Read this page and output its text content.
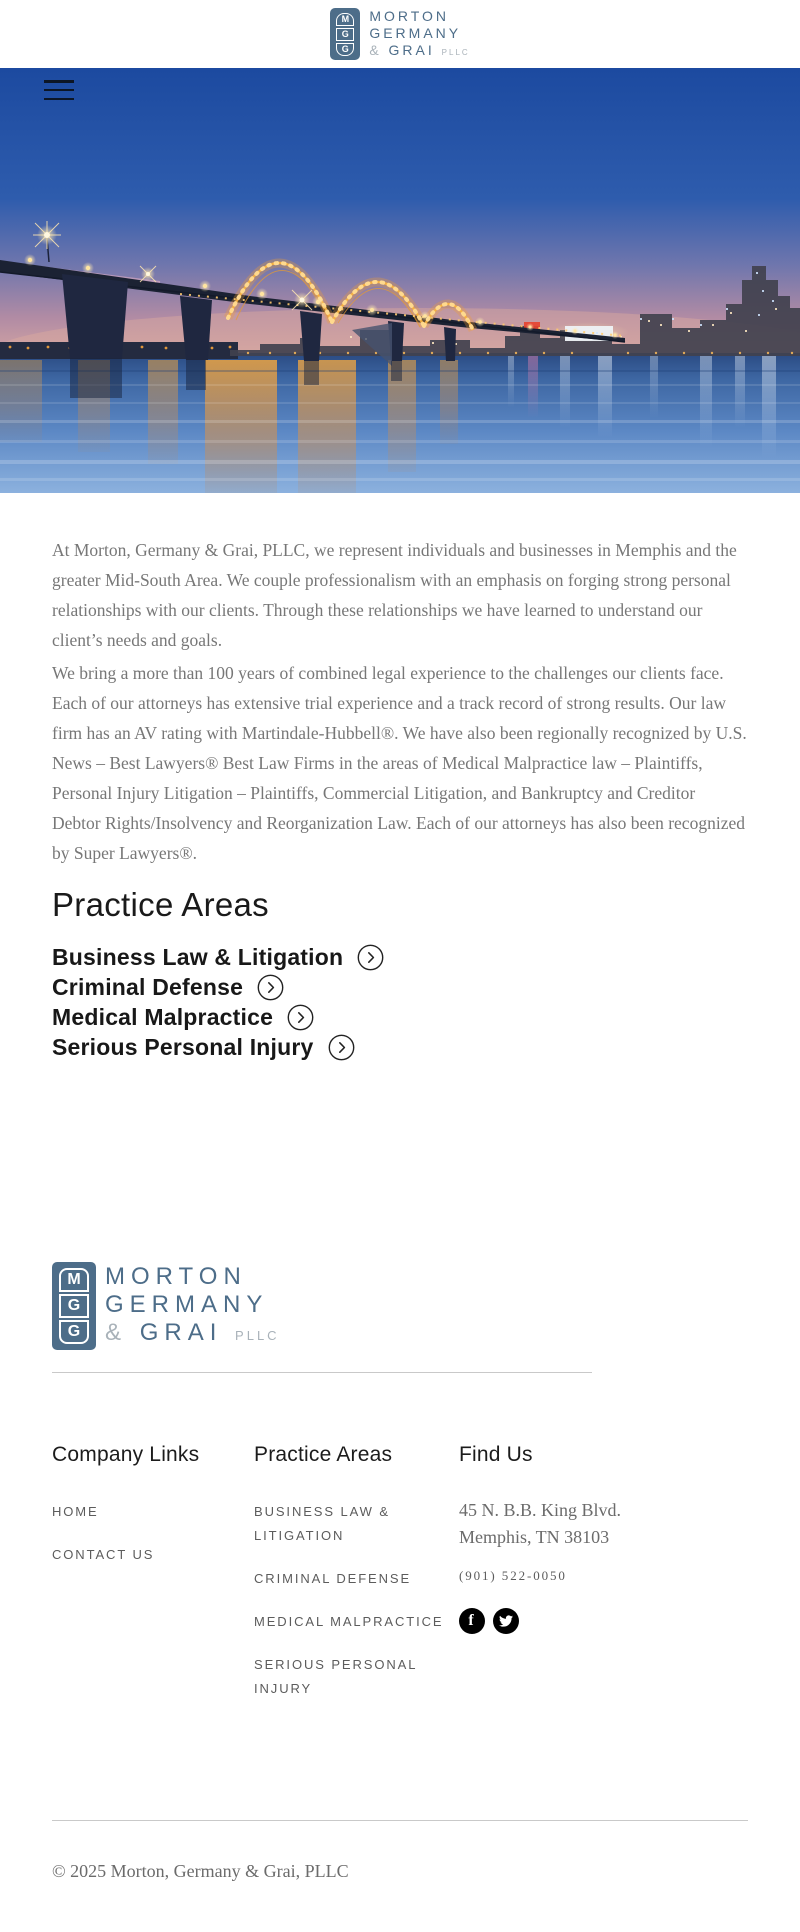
M
G
G
MORTON
GERMANY
& GRAI PLLC

At Morton, Germany & Grai, PLLC, we represent individuals and businesses in Memphis and the greater Mid-South Area. We couple professionalism with an emphasis on forging strong personal relationships with our clients. Through these relationships we have learned to understand our client’s needs and goals.

We bring a more than 100 years of combined legal experience to the challenges our clients face. Each of our attorneys has extensive trial experience and a track record of strong results. Our law firm has an AV rating with Martindale-Hubbell®. We have also been regionally recognized by U.S. News – Best Lawyers® Best Law Firms in the areas of Medical Malpractice law – Plaintiffs, Personal Injury Litigation – Plaintiffs, Commercial Litigation, and Bankruptcy and Creditor Debtor Rights/Insolvency and Reorganization Law. Each of our attorneys has also been recognized by Super Lawyers®.

Practice Areas
Business Law & Litigation
Criminal Defense
Medical Malpractice
Serious Personal Injury
M
G
G
MORTON
GERMANY
& GRAI PLLC
Company Links
HOME
CONTACT US
Practice Areas
BUSINESS LAW & LITIGATION
CRIMINAL DEFENSE
MEDICAL MALPRACTICE
SERIOUS PERSONAL INJURY
Find Us
45 N. B.B. King Blvd.
Memphis, TN 38103
(901) 522-0050
f

© 2025 Morton, Germany & Grai, PLLC
